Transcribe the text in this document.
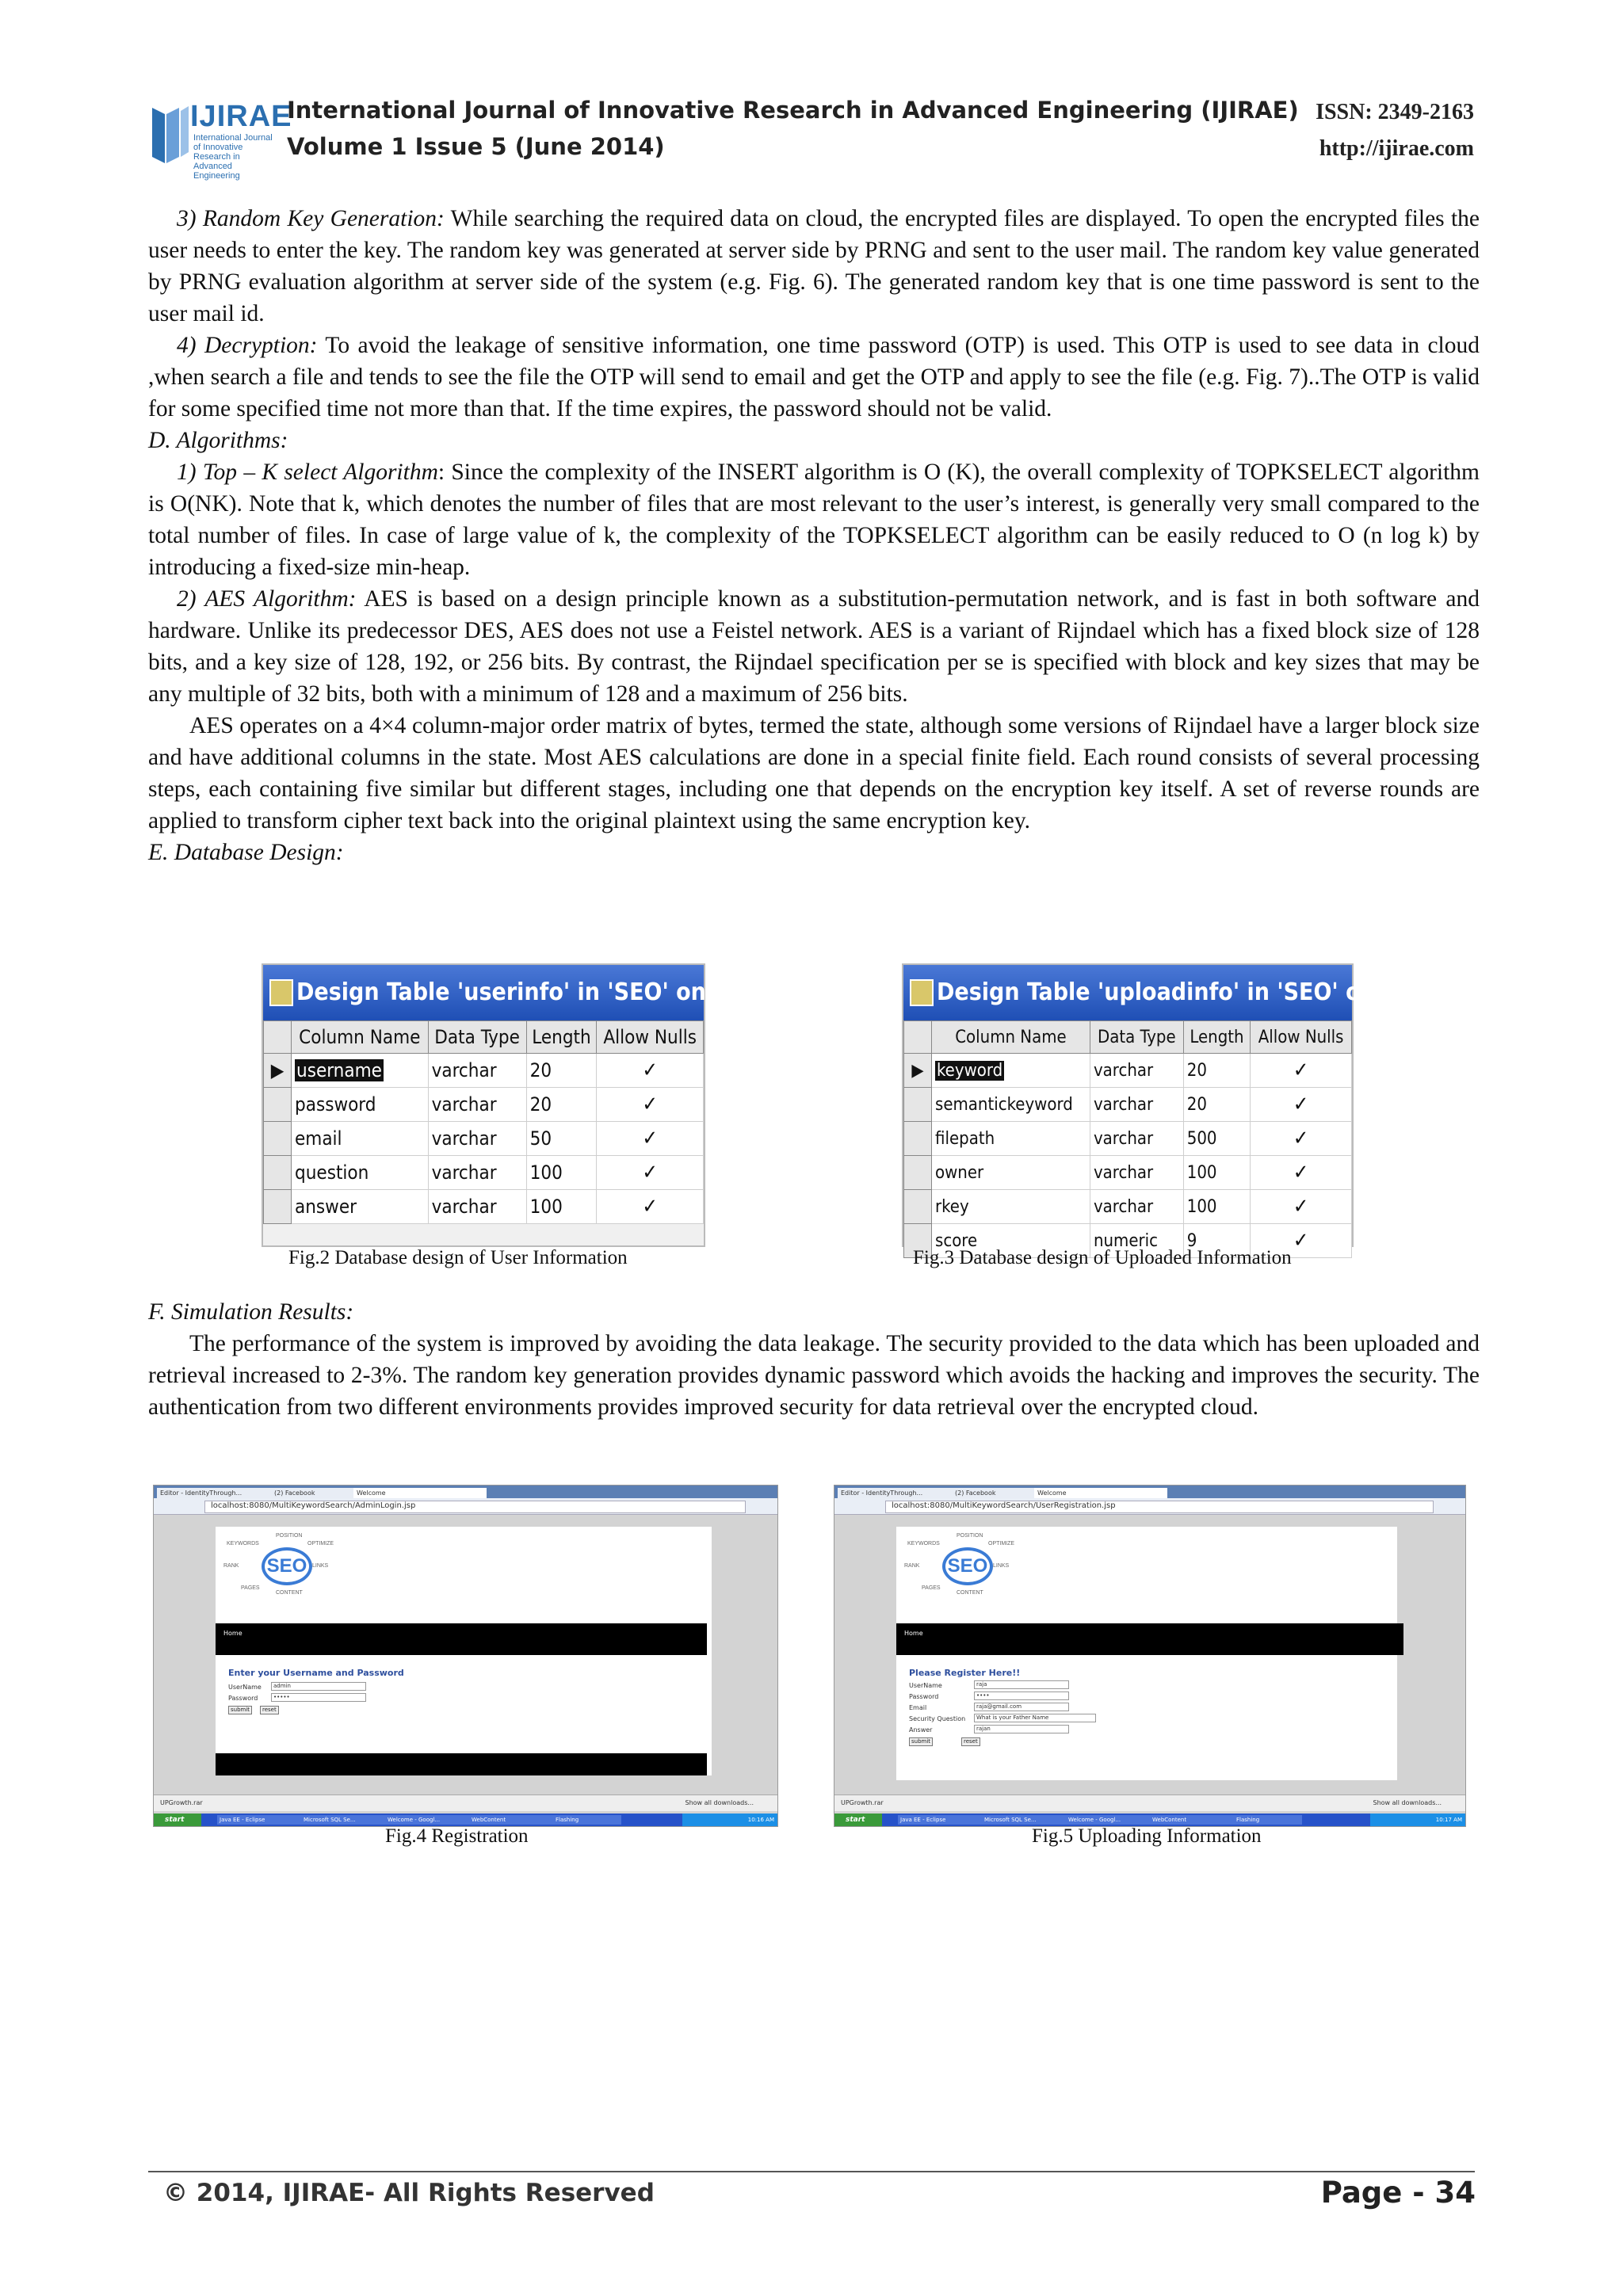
IJIRAE
International Journal of Innovative Research in Advanced Engineering
International Journal of Innovative Research in Advanced Engineering (IJIRAE)
Volume 1 Issue 5 (June 2014)
ISSN: 2349-2163
http://ijirae.com

3) Random Key Generation: While searching the required data on cloud, the encrypted files are displayed. To open the encrypted files the user needs to enter the key. The random key was generated at server side by PRNG and sent to the user mail. The random key value generated by PRNG evaluation algorithm at server side of the system (e.g. Fig. 6). The generated random key that is one time password is sent to the user mail id.

4) Decryption: To avoid the leakage of sensitive information, one time password (OTP) is used. This OTP is used to see data in cloud ,when search a file and tends to see the file the OTP will send to email and get the OTP and apply to see the file (e.g. Fig. 7)..The OTP is valid for some specified time not more than that. If the time expires, the password should not be valid.

D. Algorithms:

1) Top – K select Algorithm: Since the complexity of the INSERT algorithm is O (K), the overall complexity of TOPKSELECT algorithm is O(NK). Note that k, which denotes the number of files that are most relevant to the user’s interest, is generally very small compared to the total number of files. In case of large value of k, the complexity of the TOPKSELECT algorithm can be easily reduced to O (n log k) by introducing a fixed-size min-heap.

2) AES Algorithm: AES is based on a design principle known as a substitution-permutation network, and is fast in both software and hardware. Unlike its predecessor DES, AES does not use a Feistel network. AES is a variant of Rijndael which has a fixed block size of 128 bits, and a key size of 128, 192, or 256 bits. By contrast, the Rijndael specification per se is specified with block and key sizes that may be any multiple of 32 bits, both with a minimum of 128 and a maximum of 256 bits.

AES operates on a 4×4 column-major order matrix of bytes, termed the state, although some versions of Rijndael have a larger block size and have additional columns in the state. Most AES calculations are done in a special finite field. Each round consists of several processing steps, each containing five similar but different stages, including one that depends on the encryption key itself. A set of reverse rounds are applied to transform cipher text back into the original plaintext using the same encryption key.

E. Database Design:

Design Table 'userinfo' in 'SEO' on '(LOCAL)'
	Column Name	Data Type	Length	Allow Nulls
▶	username	varchar	20	✓
	password	varchar	20	✓
	email	varchar	50	✓
	question	varchar	100	✓
	answer	varchar	100	✓
Fig.2 Database design of User Information
Design Table 'uploadinfo' in 'SEO' on '(LOCAL)'
	Column Name	Data Type	Length	Allow Nulls
▶	keyword	varchar	20	✓
	semantickeyword	varchar	20	✓
	filepath	varchar	500	✓
	owner	varchar	100	✓
	rkey	varchar	100	✓
	score	numeric	9	✓
Fig.3 Database design of Uploaded Information

F. Simulation Results:

The performance of the system is improved by avoiding the data leakage. The security provided to the data which has been uploaded and retrieval increased to 2-3%. The random key generation provides dynamic password which avoids the hacking and improves the security. The authentication from two different environments provides improved security for data retrieval over the encrypted cloud.

Editor - IdentityThrough...	(2) Facebook	Welcome
localhost:8080/MultiKeywordSearch/AdminLogin.jsp
KEYWORDS
POSITION
OPTIMIZE
RANK	LINKS
PAGES
CONTENT
SEO
Home
Enter your Username and Password
UserName	admin
Password	•••••
submit	reset
UPGrowth.rar	Show all downloads...
start	Java EE - Eclipse	Microsoft SQL Se...	Welcome - Googl...	WebContent	Flashing	10:16 AM
Fig.4 Registration
Editor - IdentityThrough...	(2) Facebook	Welcome
localhost:8080/MultiKeywordSearch/UserRegistration.jsp
KEYWORDS
POSITION
OPTIMIZE
RANK	LINKS
PAGES
CONTENT
SEO
Home
Please Register Here!!
UserName	raja
Password	••••
Email	raja@gmail.com
Security Question	What is your Father Name
Answer	rajan
submit	reset
UPGrowth.rar	Show all downloads...
start	Java EE - Eclipse	Microsoft SQL Se...	Welcome - Googl...	WebContent	Flashing	10:17 AM
Fig.5 Uploading Information
© 2014, IJIRAE- All Rights Reserved	Page - 34
